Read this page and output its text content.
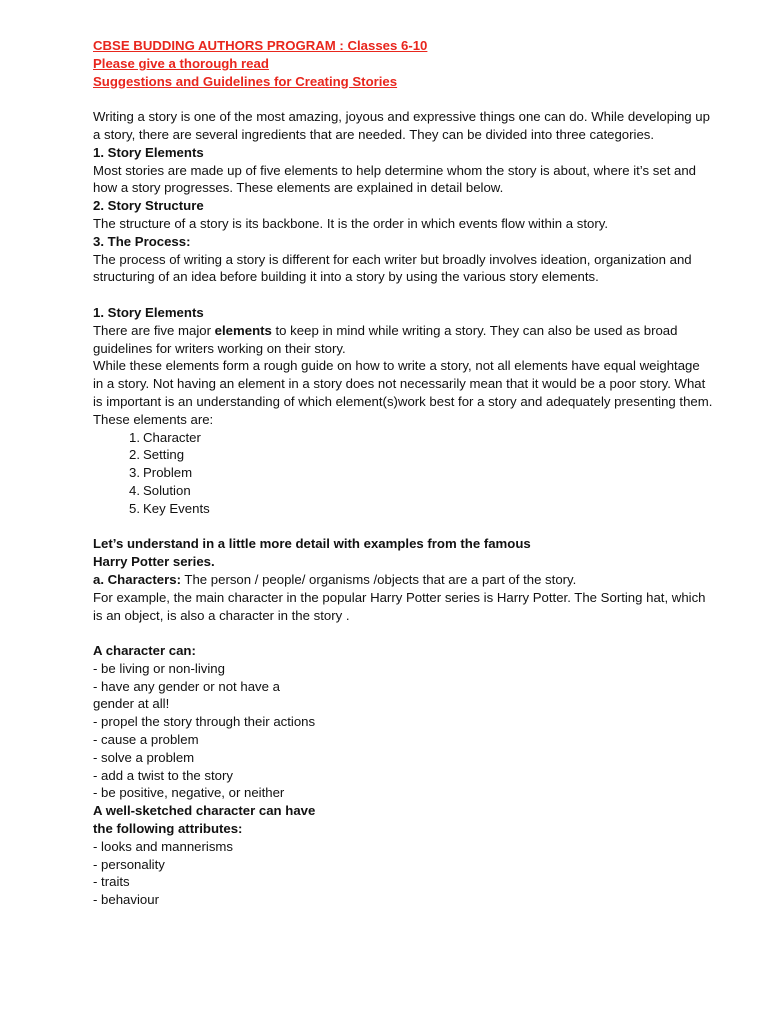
CBSE BUDDING AUTHORS PROGRAM : Classes 6-10

Please give a thorough read

Suggestions and Guidelines for Creating Stories

Writing a story is one of the most amazing, joyous and expressive things one can do. While developing up a story, there are several ingredients that are needed. They can be divided into three categories.

1. Story Elements

Most stories are made up of five elements to help determine whom the story is about, where it’s set and how a story progresses. These elements are explained in detail below.

2. Story Structure

The structure of a story is its backbone. It is the order in which events flow within a story.

3. The Process:

The process of writing a story is different for each writer but broadly involves ideation, organization and structuring of an idea before building it into a story by using the various story elements.

1. Story Elements

There are five major elements to keep in mind while writing a story. They can also be used as broad guidelines for writers working on their story.

While these elements form a rough guide on how to write a story, not all elements have equal weightage in a story. Not having an element in a story does not necessarily mean that it would be a poor story. What is important is an understanding of which element(s)work best for a story and adequately presenting them.

These elements are:

1. Character
2. Setting
3. Problem
4. Solution
5. Key Events

Let’s understand in a little more detail with examples from the famous

Harry Potter series.

a. Characters: The person / people/ organisms /objects that are a part of the story.

For example, the main character in the popular Harry Potter series is Harry Potter. The Sorting hat, which is an object, is also a character in the story .

A character can:

- be living or non-living

- have any gender or not have a

gender at all!

- propel the story through their actions

- cause a problem

- solve a problem

- add a twist to the story

- be positive, negative, or neither

A well-sketched character can have

the following attributes:

- looks and mannerisms

- personality

- traits

- behaviour
